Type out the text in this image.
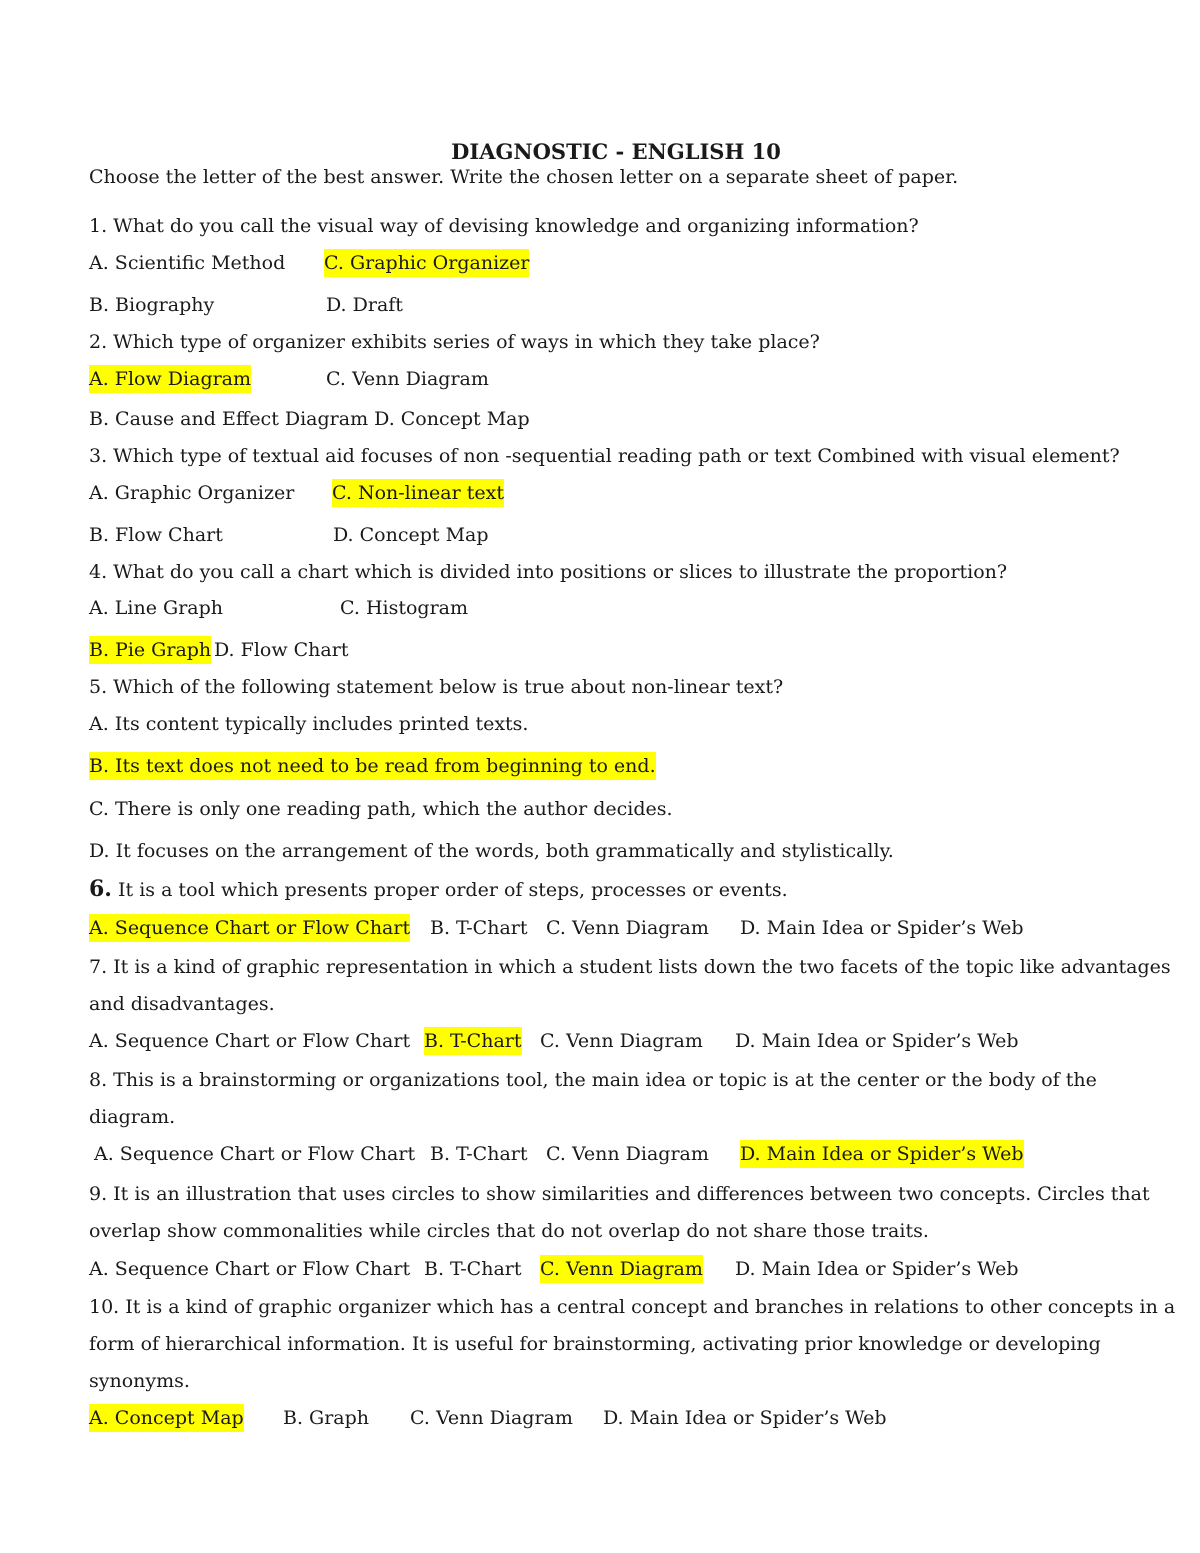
DIAGNOSTIC - ENGLISH 10
Choose the letter of the best answer. Write the chosen letter on a separate sheet of paper.
1. What do you call the visual way of devising knowledge and organizing information?
A. Scientific Method C. Graphic Organizer
B. Biography	D. Draft
2. Which type of organizer exhibits series of ways in which they take place?
A. Flow Diagram	C. Venn Diagram
B. Cause and Effect Diagram D. Concept Map
3. Which type of textual aid focuses of non -sequential reading path or text Combined with visual element?
A. Graphic Organizer C. Non-linear text
B. Flow Chart	D. Concept Map
4. What do you call a chart which is divided into positions or slices to illustrate the proportion?
A. Line Graph	C. Histogram
B. Pie Graph D. Flow Chart
5. Which of the following statement below is true about non-linear text?
A. Its content typically includes printed texts.
B. Its text does not need to be read from beginning to end.
C. There is only one reading path, which the author decides.
D. It focuses on the arrangement of the words, both grammatically and stylistically.
6. It is a tool which presents proper order of steps, processes or events.
A. Sequence Chart or Flow Chart B. T-Chart C. Venn Diagram D. Main Idea or Spider’s Web
7. It is a kind of graphic representation in which a student lists down the two facets of the topic like advantages
and disadvantages.
A. Sequence Chart or Flow Chart B. T-Chart C. Venn Diagram D. Main Idea or Spider’s Web
8. This is a brainstorming or organizations tool, the main idea or topic is at the center or the body of the
diagram.
A. Sequence Chart or Flow Chart B. T-Chart C. Venn Diagram D. Main Idea or Spider’s Web
9. It is an illustration that uses circles to show similarities and differences between two concepts. Circles that
overlap show commonalities while circles that do not overlap do not share those traits.
A. Sequence Chart or Flow Chart B. T-Chart C. Venn Diagram D. Main Idea or Spider’s Web
10. It is a kind of graphic organizer which has a central concept and branches in relations to other concepts in a
form of hierarchical information. It is useful for brainstorming, activating prior knowledge or developing
synonyms.
A. Concept Map B. Graph C. Venn Diagram D. Main Idea or Spider’s Web
